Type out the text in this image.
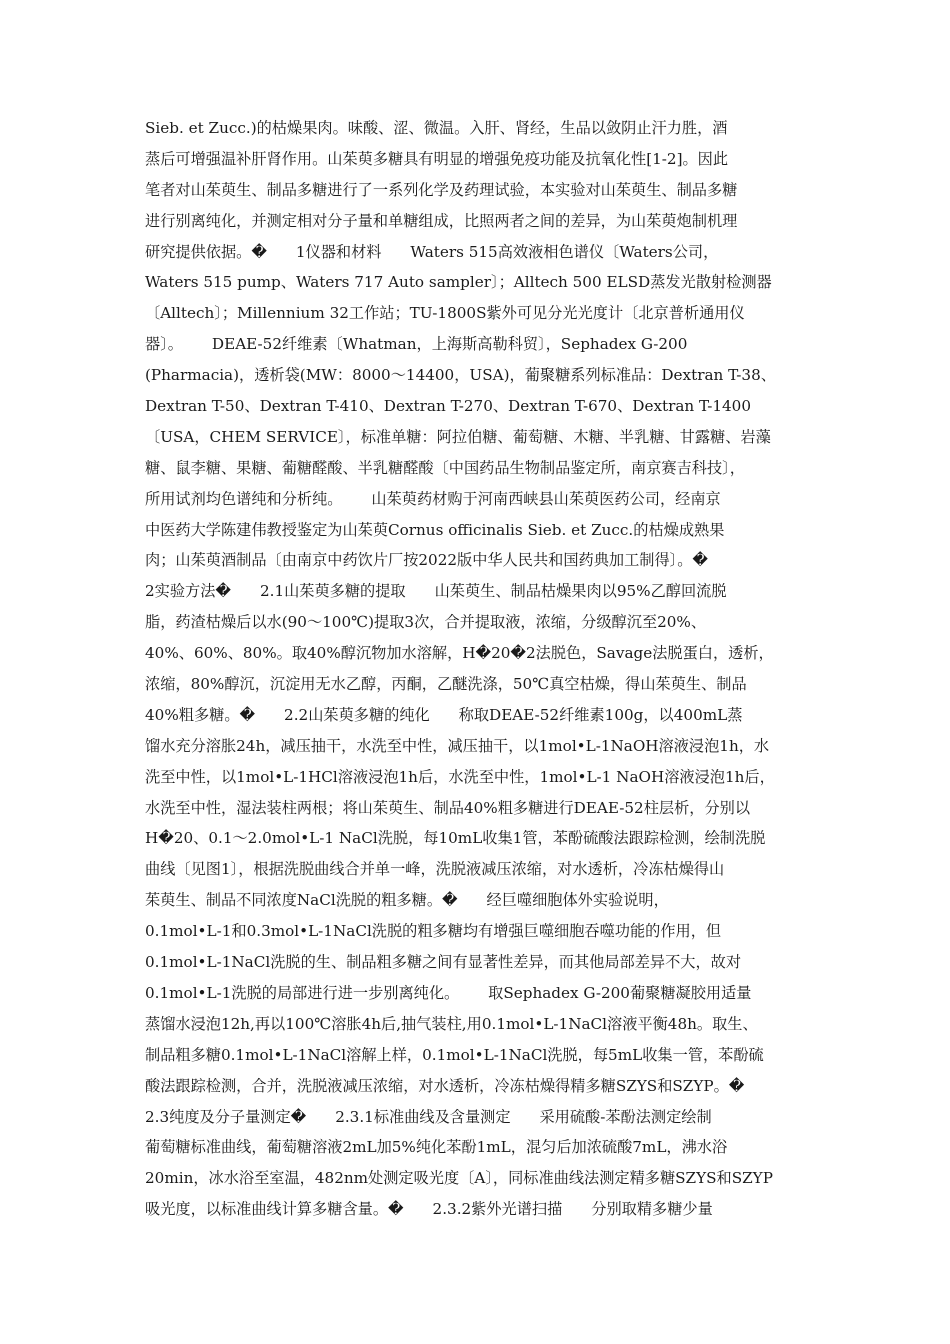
Sieb. et Zucc.)的枯燥果肉。味酸、涩、微温。入肝、肾经，生品以敛阴止汗力胜，酒
蒸后可增强温补肝肾作用。山茱萸多糖具有明显的增强免疫功能及抗氧化性[1-2]。因此
笔者对山茱萸生、制品多糖进行了一系列化学及药理试验，本实验对山茱萸生、制品多糖
进行别离纯化，并测定相对分子量和单糖组成，比照两者之间的差异，为山茱萸炮制机理
研究提供依据。�      1仪器和材料      Waters 515高效液相色谱仪〔Waters公司，
Waters 515 pump、Waters 717 Auto sampler〕；Alltech 500 ELSD蒸发光散射检测器
〔Alltech〕；Millennium 32工作站；TU-1800S紫外可见分光光度计〔北京普析通用仪
器〕。      DEAE-52纤维素〔Whatman，上海斯高勒科贸〕，Sephadex G-200
(Pharmacia)，透析袋(MW：8000～14400，USA)，葡聚糖系列标准品：Dextran T-38、
Dextran T-50、Dextran T-410、Dextran T-270、Dextran T-670、Dextran T-1400
〔USA，CHEM SERVICE〕，标准单糖：阿拉伯糖、葡萄糖、木糖、半乳糖、甘露糖、岩藻
糖、鼠李糖、果糖、葡糖醛酸、半乳糖醛酸〔中国药品生物制品鉴定所，南京赛吉科技〕，
所用试剂均色谱纯和分析纯。      山茱萸药材购于河南西峡县山茱萸医药公司，经南京
中医药大学陈建伟教授鉴定为山茱萸Cornus officinalis Sieb. et Zucc.的枯燥成熟果
肉；山茱萸酒制品〔由南京中药饮片厂按2022版中华人民共和国药典加工制得〕。�
2实验方法�      2.1山茱萸多糖的提取      山茱萸生、制品枯燥果肉以95%乙醇回流脱
脂，药渣枯燥后以水(90～100℃)提取3次，合并提取液，浓缩，分级醇沉至20%、
40%、60%、80%。取40%醇沉物加水溶解，H�20�2法脱色，Savage法脱蛋白，透析，
浓缩，80%醇沉，沉淀用无水乙醇，丙酮，乙醚洗涤，50℃真空枯燥，得山茱萸生、制品
40%粗多糖。�      2.2山茱萸多糖的纯化      称取DEAE-52纤维素100g，以400mL蒸
馏水充分溶胀24h，减压抽干，水洗至中性，减压抽干，以1mol•L-1NaOH溶液浸泡1h，水
洗至中性，以1mol•L-1HCl溶液浸泡1h后，水洗至中性，1mol•L-1 NaOH溶液浸泡1h后，
水洗至中性，湿法装柱两根；将山茱萸生、制品40%粗多糖进行DEAE-52柱层析，分别以
H�20、0.1～2.0mol•L-1 NaCl洗脱，每10mL收集1管，苯酚硫酸法跟踪检测，绘制洗脱
曲线〔见图1〕，根据洗脱曲线合并单一峰，洗脱液减压浓缩，对水透析，冷冻枯燥得山
茱萸生、制品不同浓度NaCl洗脱的粗多糖。�      经巨噬细胞体外实验说明，
0.1mol•L-1和0.3mol•L-1NaCl洗脱的粗多糖均有增强巨噬细胞吞噬功能的作用，但
0.1mol•L-1NaCl洗脱的生、制品粗多糖之间有显著性差异，而其他局部差异不大，故对
0.1mol•L-1洗脱的局部进行进一步别离纯化。      取Sephadex G-200葡聚糖凝胶用适量
蒸馏水浸泡12h,再以100℃溶胀4h后,抽气装柱,用0.1mol•L-1NaCl溶液平衡48h。取生、
制品粗多糖0.1mol•L-1NaCl溶解上样，0.1mol•L-1NaCl洗脱，每5mL收集一管，苯酚硫
酸法跟踪检测，合并，洗脱液减压浓缩，对水透析，冷冻枯燥得精多糖SZYS和SZYP。�
2.3纯度及分子量测定�      2.3.1标准曲线及含量测定      采用硫酸-苯酚法测定绘制
葡萄糖标准曲线，葡萄糖溶液2mL加5%纯化苯酚1mL，混匀后加浓硫酸7mL，沸水浴
20min，冰水浴至室温，482nm处测定吸光度〔A〕，同标准曲线法测定精多糖SZYS和SZYP
吸光度，以标准曲线计算多糖含量。�      2.3.2紫外光谱扫描      分别取精多糖少量
